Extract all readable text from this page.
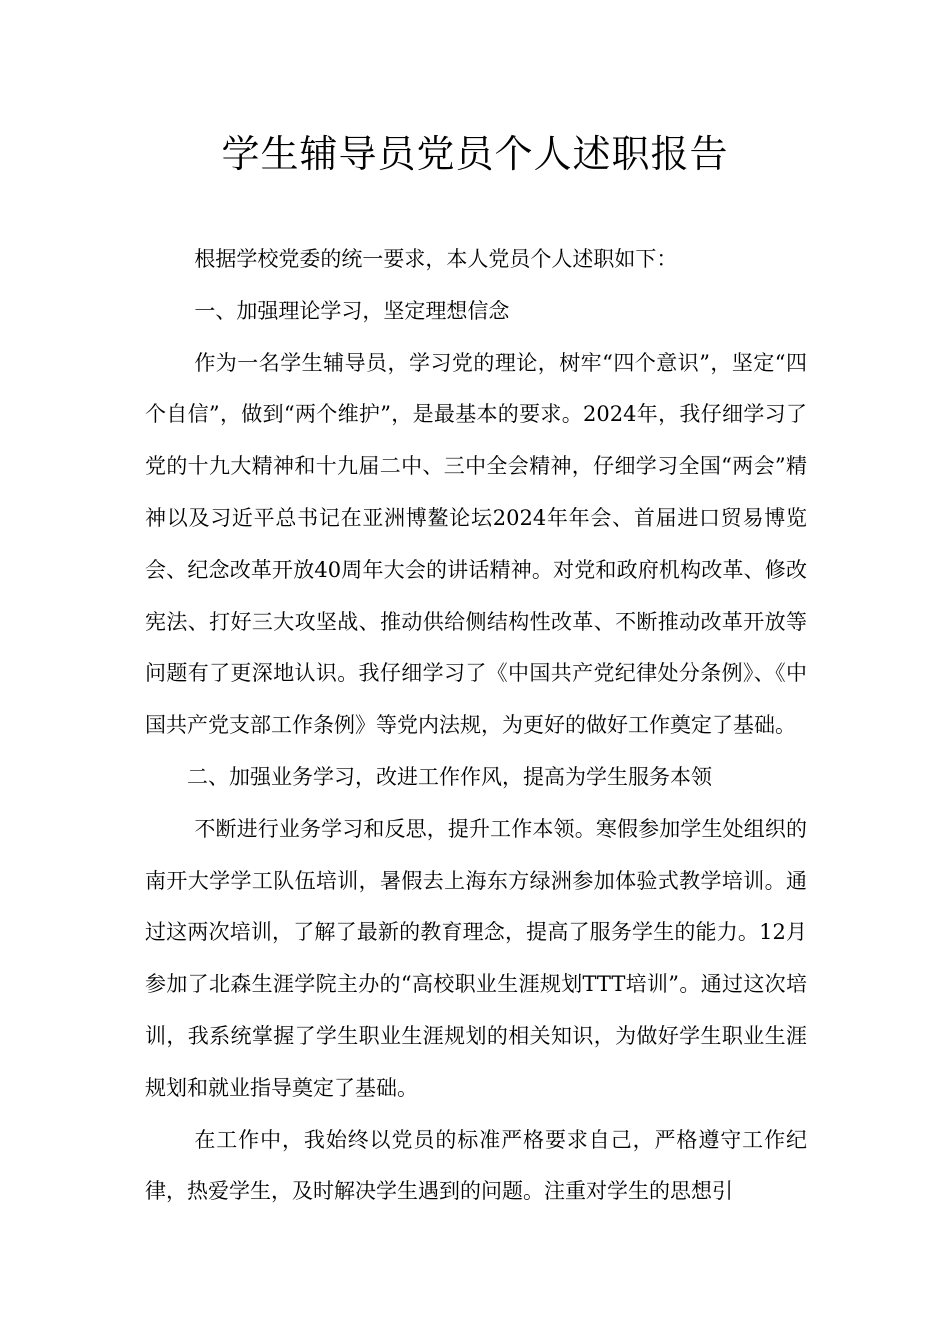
学生辅导员党员个人述职报告

根据学校党委的统一要求，本人党员个人述职如下：

一、加强理论学习，坚定理想信念

作为一名学生辅导员，学习党的理论，树牢“四个意识”，坚定“四个自信”，做到“两个维护”，是最基本的要求。2024年，我仔细学习了党的十九大精神和十九届二中、三中全会精神，仔细学习全国“两会”精神以及习近平总书记在亚洲博鳌论坛2024年年会、首届进口贸易博览会、纪念改革开放40周年大会的讲话精神。对党和政府机构改革、修改宪法、打好三大攻坚战、推动供给侧结构性改革、不断推动改革开放等问题有了更深地认识。我仔细学习了《中国共产党纪律处分条例》、《中国共产党支部工作条例》等党内法规，为更好的做好工作奠定了基础。

二、加强业务学习，改进工作作风，提高为学生服务本领

不断进行业务学习和反思，提升工作本领。寒假参加学生处组织的南开大学学工队伍培训，暑假去上海东方绿洲参加体验式教学培训。通过这两次培训，了解了最新的教育理念，提高了服务学生的能力。12月参加了北森生涯学院主办的“高校职业生涯规划TTT培训”。通过这次培训，我系统掌握了学生职业生涯规划的相关知识，为做好学生职业生涯规划和就业指导奠定了基础。

在工作中，我始终以党员的标准严格要求自己，严格遵守工作纪律，热爱学生，及时解决学生遇到的问题。注重对学生的思想引
